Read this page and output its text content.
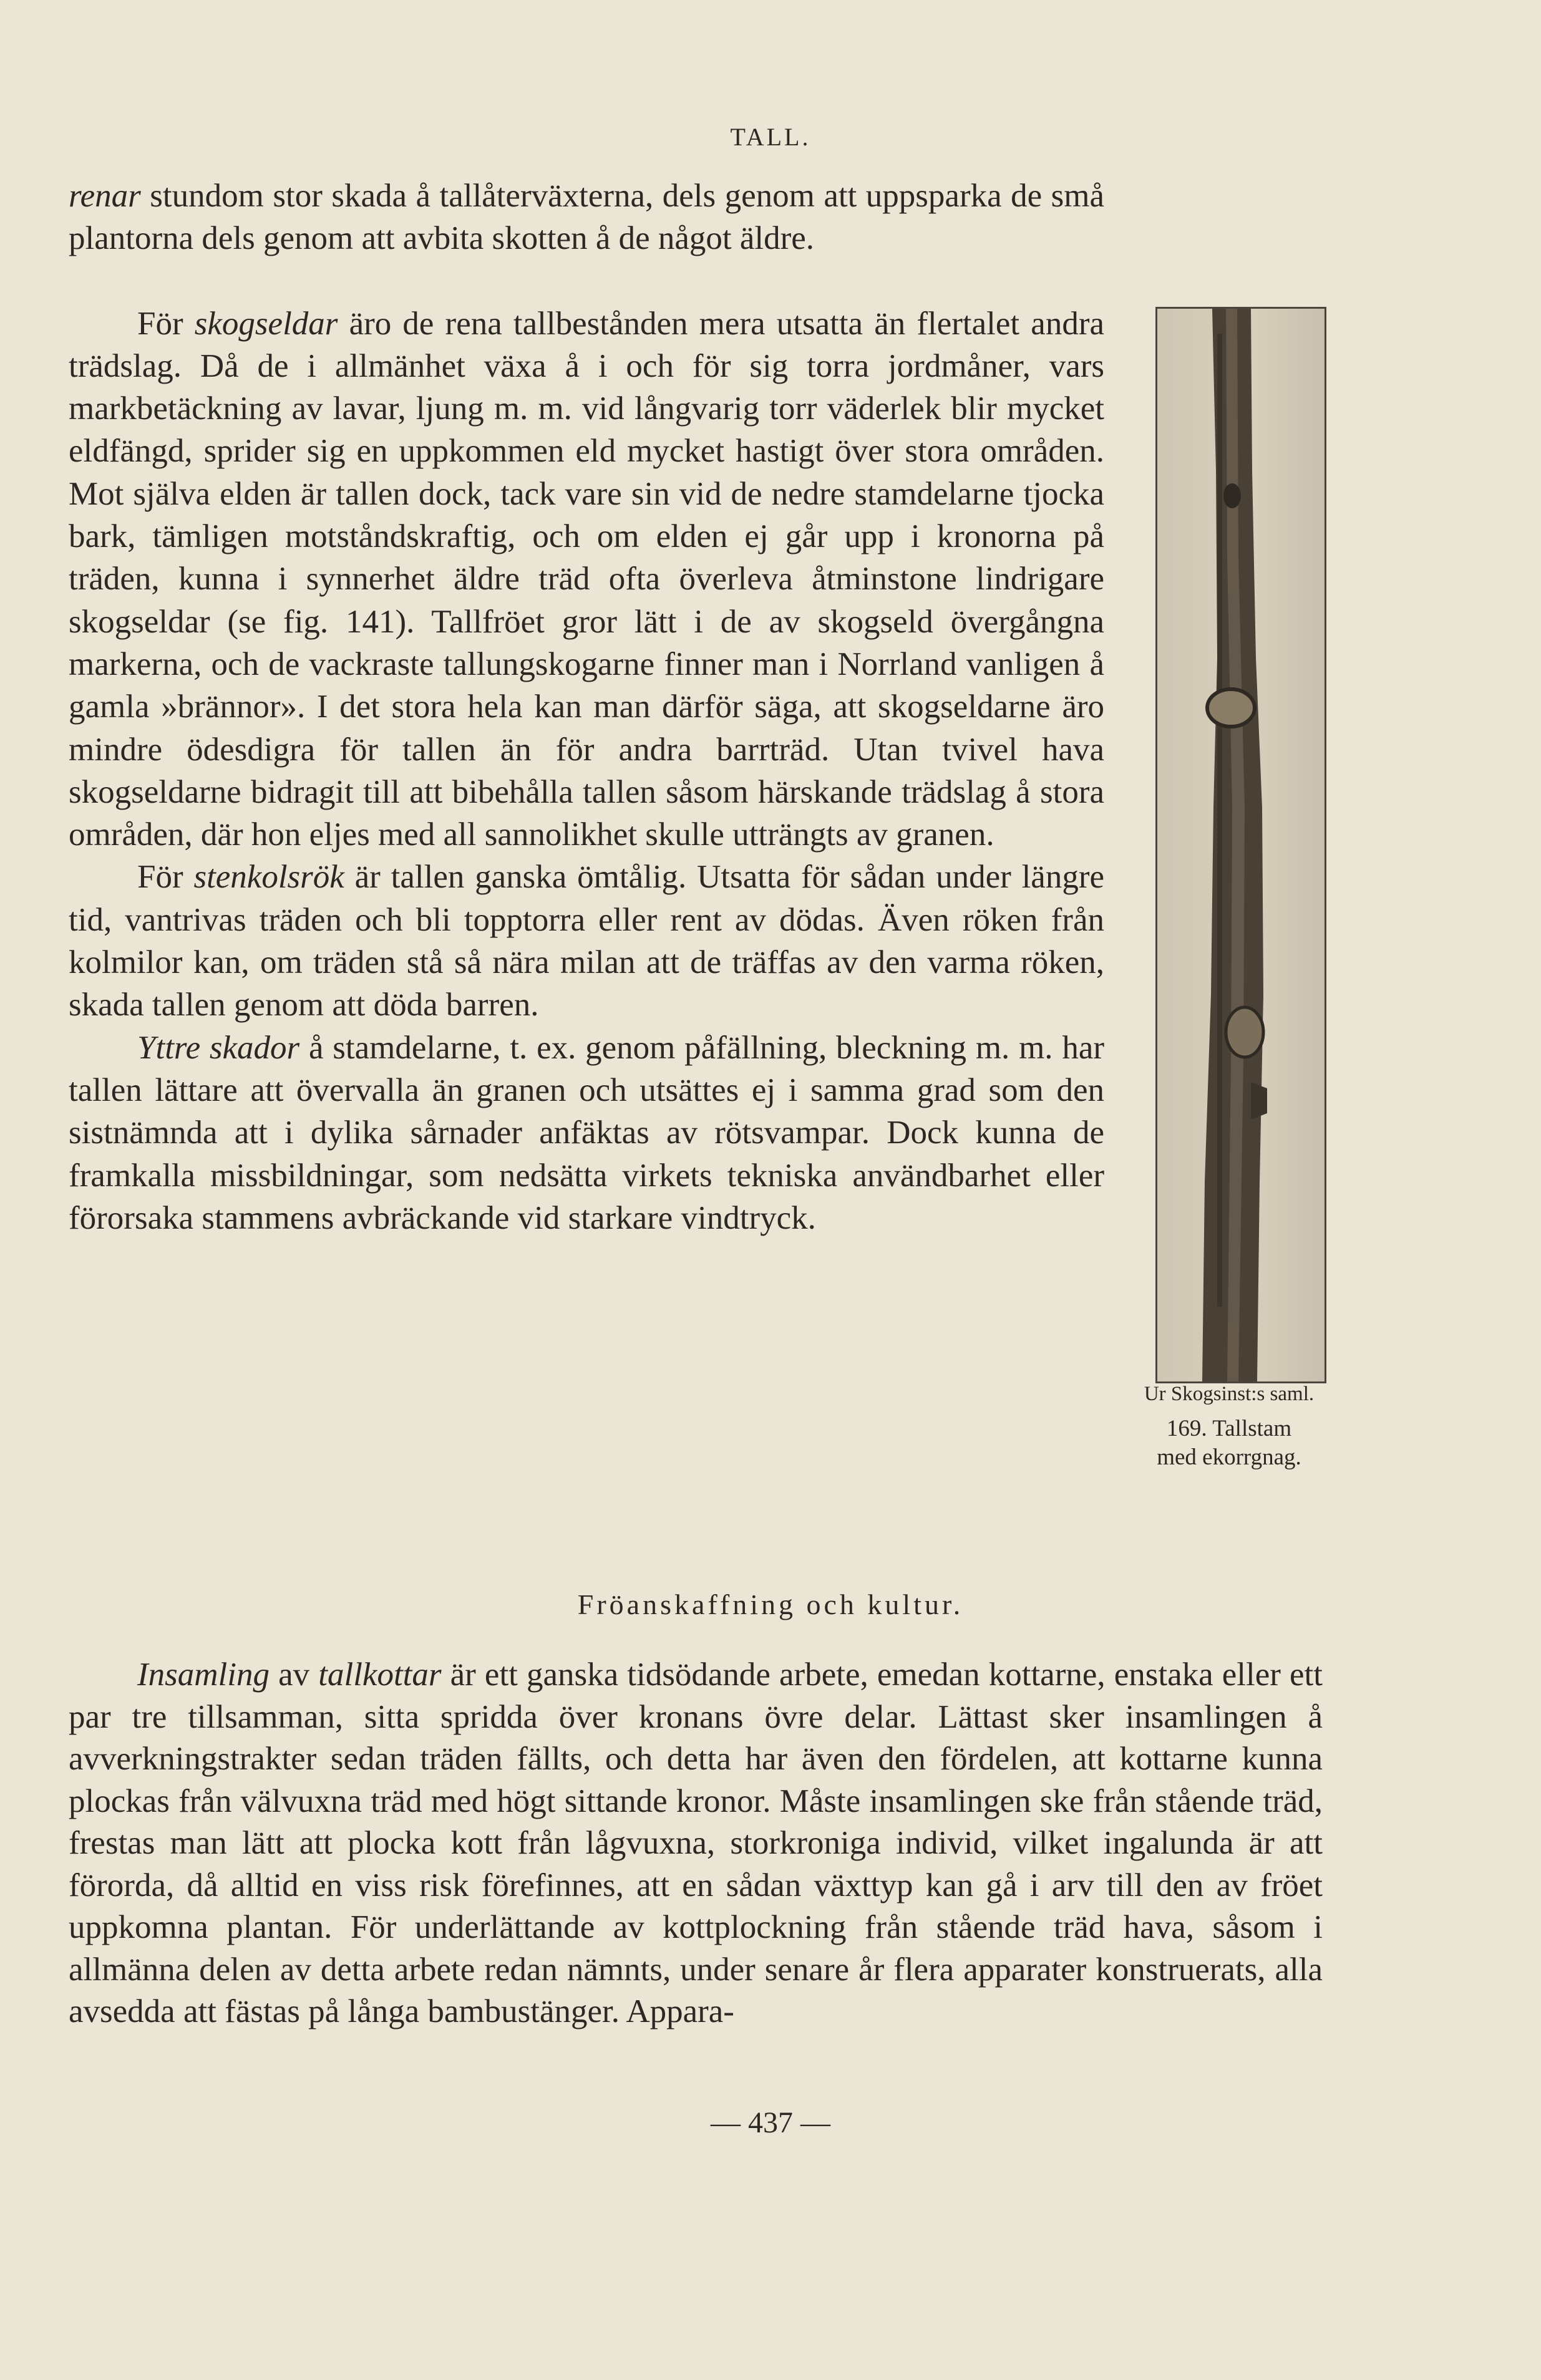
TALL.

renar stundom stor skada å tallåterväxterna, dels genom att uppsparka de små plantorna dels genom att avbita skotten å de något äldre.

För skogseldar äro de rena tallbestånden mera utsatta än flertalet andra trädslag. Då de i allmänhet växa å i och för sig torra jordmåner, vars markbetäckning av lavar, ljung m. m. vid långvarig torr väderlek blir mycket eldfängd, sprider sig en uppkommen eld mycket hastigt över stora områden. Mot själva elden är tallen dock, tack vare sin vid de nedre stamdelarne tjocka bark, tämligen motståndskraftig, och om elden ej går upp i kronorna på träden, kunna i synnerhet äldre träd ofta överleva åtminstone lindrigare skogseldar (se fig. 141). Tallfröet gror lätt i de av skogseld övergångna markerna, och de vackraste tallungskogarne finner man i Norrland vanligen å gamla »brännor». I det stora hela kan man därför säga, att skogseldarne äro mindre ödesdigra för tallen än för andra barrträd. Utan tvivel hava skogseldarne bidragit till att bibehålla tallen såsom härskande trädslag å stora områden, där hon eljes med all sannolikhet skulle utträngts av granen.

För stenkolsrök är tallen ganska ömtålig. Utsatta för sådan under längre tid, vantrivas träden och bli topptorra eller rent av dödas. Även röken från kolmilor kan, om träden stå så nära milan att de träffas av den varma röken, skada tallen genom att döda barren.

Yttre skador å stamdelarne, t. ex. genom påfällning, bleckning m. m. har tallen lättare att övervalla än granen och utsättes ej i samma grad som den sistnämnda att i dylika sårnader anfäktas av rötsvampar. Dock kunna de framkalla missbildningar, som nedsätta virkets tekniska användbarhet eller förorsaka stammens avbräckande vid starkare vindtryck.

Ur Skogsinst:s saml.
169. Tallstam
med ekorrgnag.
Fröanskaffning och kultur.

Insamling av tallkottar är ett ganska tidsödande arbete, emedan kottarne, enstaka eller ett par tre tillsamman, sitta spridda över kronans övre delar. Lättast sker insamlingen å avverkningstrakter sedan träden fällts, och detta har även den fördelen, att kottarne kunna plockas från välvuxna träd med högt sittande kronor. Måste insamlingen ske från stående träd, frestas man lätt att plocka kott från lågvuxna, storkroniga individ, vilket ingalunda är att förorda, då alltid en viss risk förefinnes, att en sådan växttyp kan gå i arv till den av fröet uppkomna plantan. För underlättande av kottplockning från stående träd hava, såsom i allmänna delen av detta arbete redan nämnts, under senare år flera apparater konstruerats, alla avsedda att fästas på långa bambustänger. Appara-

— 437 —
